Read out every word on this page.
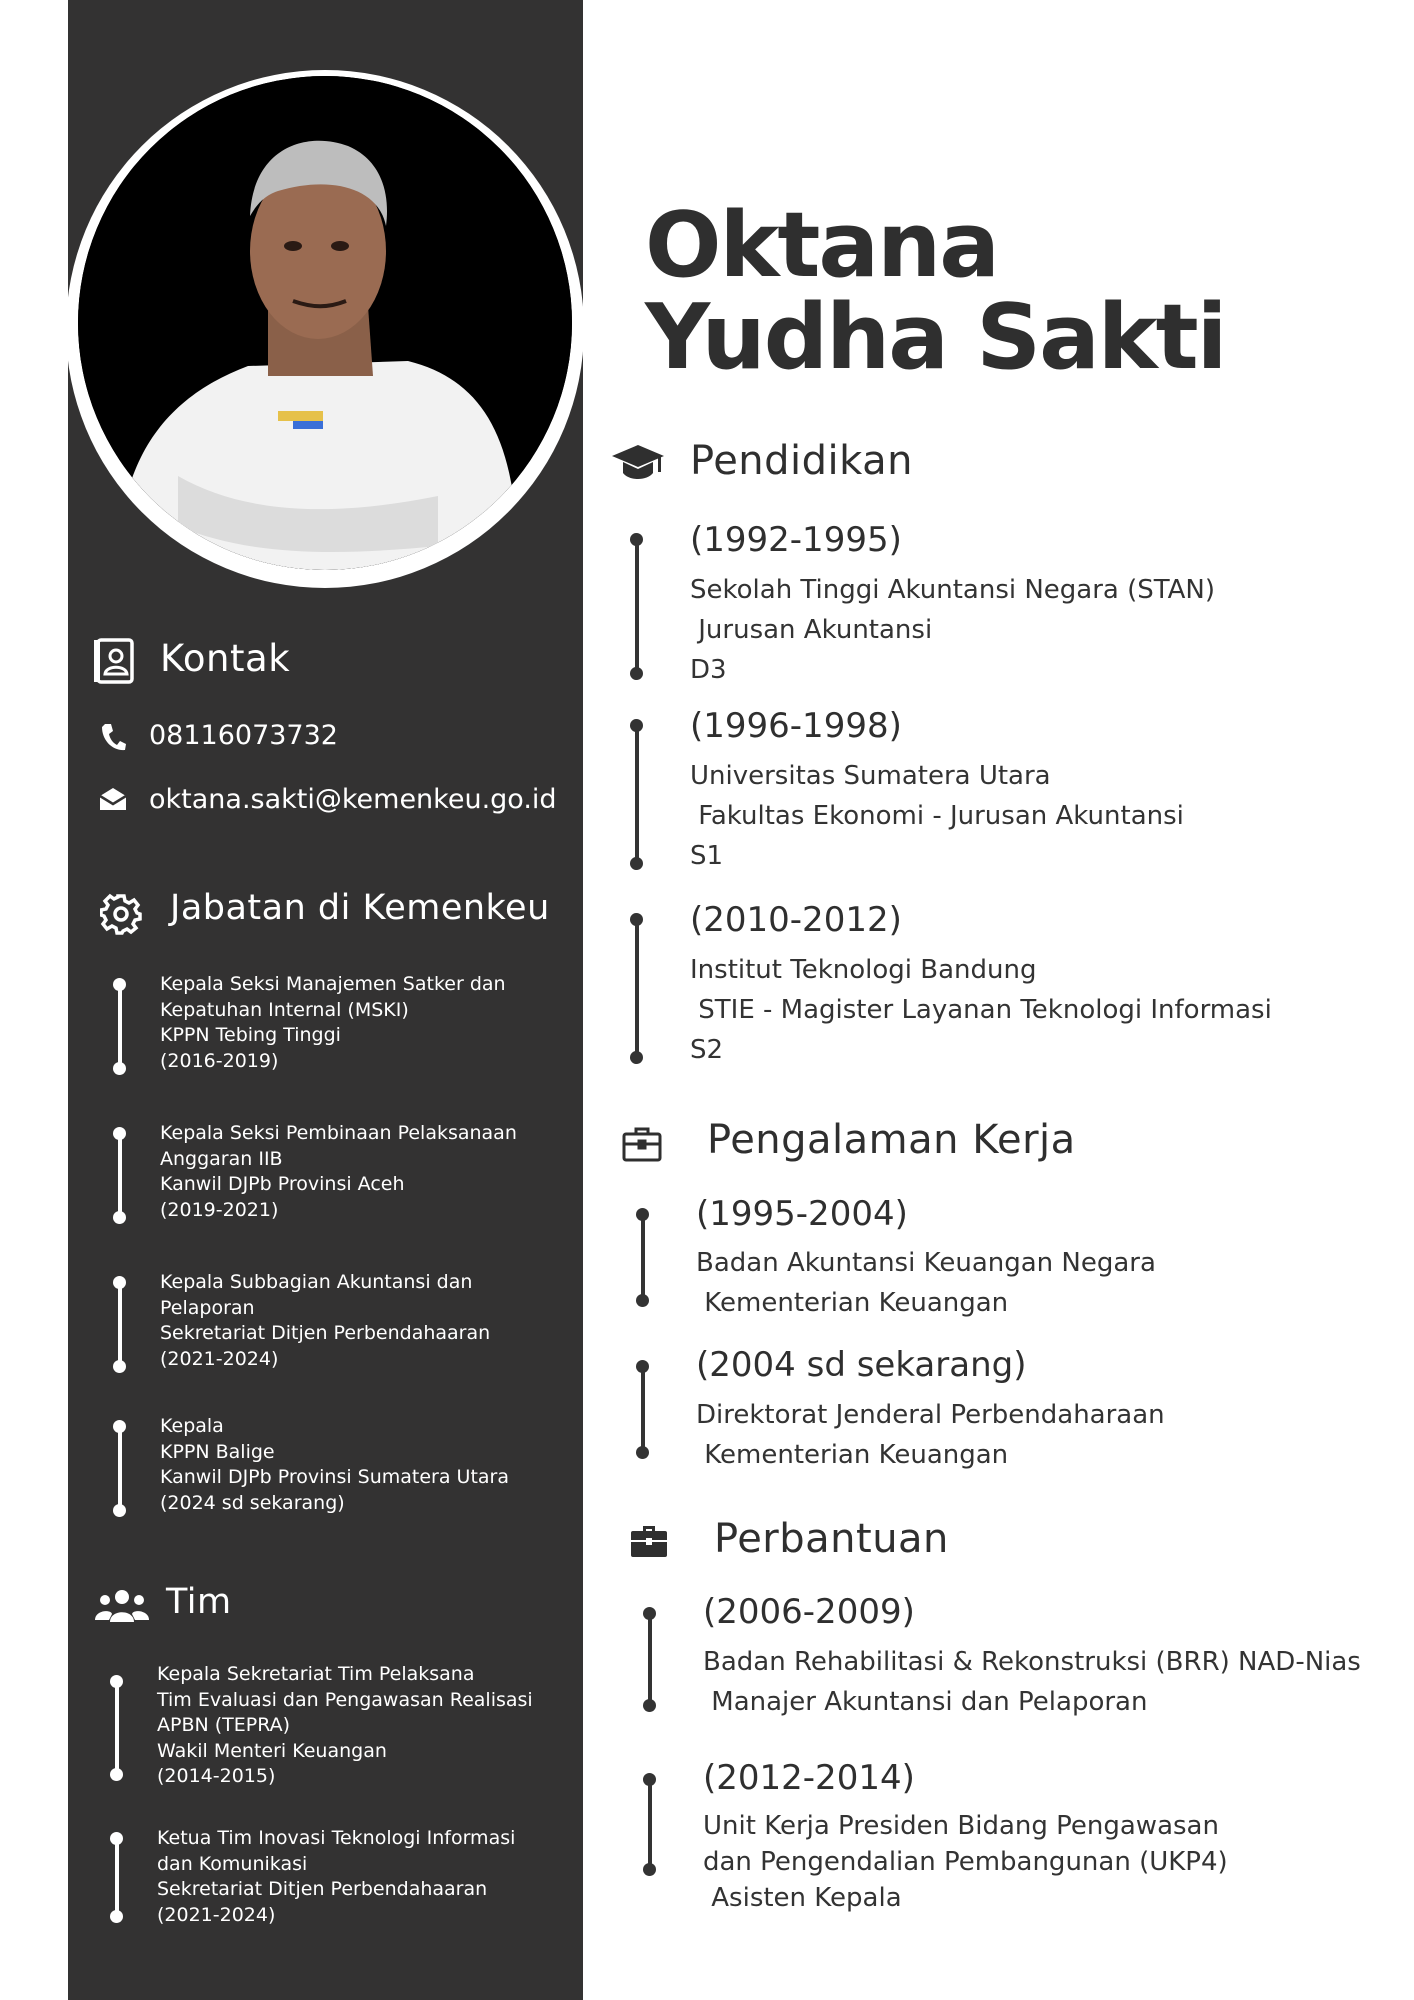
Kontak
08116073732
oktana.sakti@kemenkeu.go.id
Jabatan di Kemenkeu
Kepala Seksi Manajemen Satker dan
Kepatuhan Internal (MSKI)
KPPN Tebing Tinggi
(2016-2019)
Kepala Seksi Pembinaan Pelaksanaan
Anggaran IIB
Kanwil DJPb Provinsi Aceh
(2019-2021)
Kepala Subbagian Akuntansi dan
Pelaporan
Sekretariat Ditjen Perbendahaaran
(2021-2024)
Kepala
KPPN Balige
Kanwil DJPb Provinsi Sumatera Utara
(2024 sd sekarang)
Tim
Kepala Sekretariat Tim Pelaksana
Tim Evaluasi dan Pengawasan Realisasi
APBN (TEPRA)
Wakil Menteri Keuangan
(2014-2015)
Ketua Tim Inovasi Teknologi Informasi
dan Komunikasi
Sekretariat Ditjen Perbendahaaran
(2021-2024)
Oktana
Yudha Sakti
Pendidikan
(1992-1995)
Sekolah Tinggi Akuntansi Negara (STAN)
Jurusan Akuntansi
D3
(1996-1998)
Universitas Sumatera Utara
Fakultas Ekonomi - Jurusan Akuntansi
S1
(2010-2012)
Institut Teknologi Bandung
STIE - Magister Layanan Teknologi Informasi
S2
Pengalaman Kerja
(1995-2004)
Badan Akuntansi Keuangan Negara
Kementerian Keuangan
(2004 sd sekarang)
Direktorat Jenderal Perbendaharaan
Kementerian Keuangan
Perbantuan
(2006-2009)
Badan Rehabilitasi & Rekonstruksi (BRR) NAD-Nias
Manajer Akuntansi dan Pelaporan
(2012-2014)
Unit Kerja Presiden Bidang Pengawasan
dan Pengendalian Pembangunan (UKP4)
Asisten Kepala
